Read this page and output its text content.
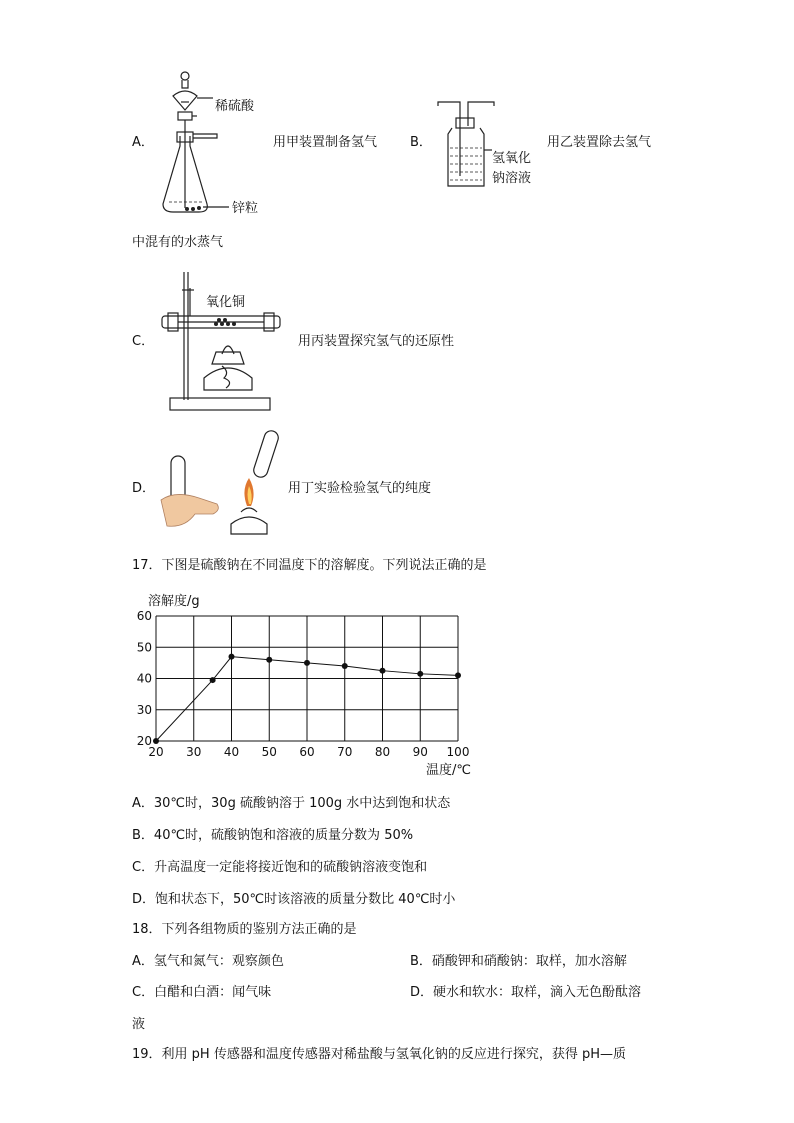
A．
稀硫酸
锌粒
用甲装置制备氢气	B．
氢氧化
钠溶液
用乙装置除去氢气
中混有的水蒸气
C．
氧化铜
用丙装置探究氢气的还原性
D．	用丁实验检验氢气的纯度
17．下图是硫酸钠在不同温度下的溶解度。下列说法正确的是
溶解度/g
20
30
40
50
60
20 30 40 50 60 70 80 90 100
温度/℃
A．30℃时，30g 硫酸钠溶于 100g 水中达到饱和状态
B．40℃时，硫酸钠饱和溶液的质量分数为 50%
C．升高温度一定能将接近饱和的硫酸钠溶液变饱和
D．饱和状态下，50℃时该溶液的质量分数比 40℃时小
18．下列各组物质的鉴别方法正确的是
A．氢气和氮气：观察颜色	B．硝酸钾和硝酸钠：取样，加水溶解
C．白醋和白酒：闻气味	D．硬水和软水：取样，滴入无色酚酞溶
液
19．利用 pH 传感器和温度传感器对稀盐酸与氢氧化钠的反应进行探究，获得 pH—质
